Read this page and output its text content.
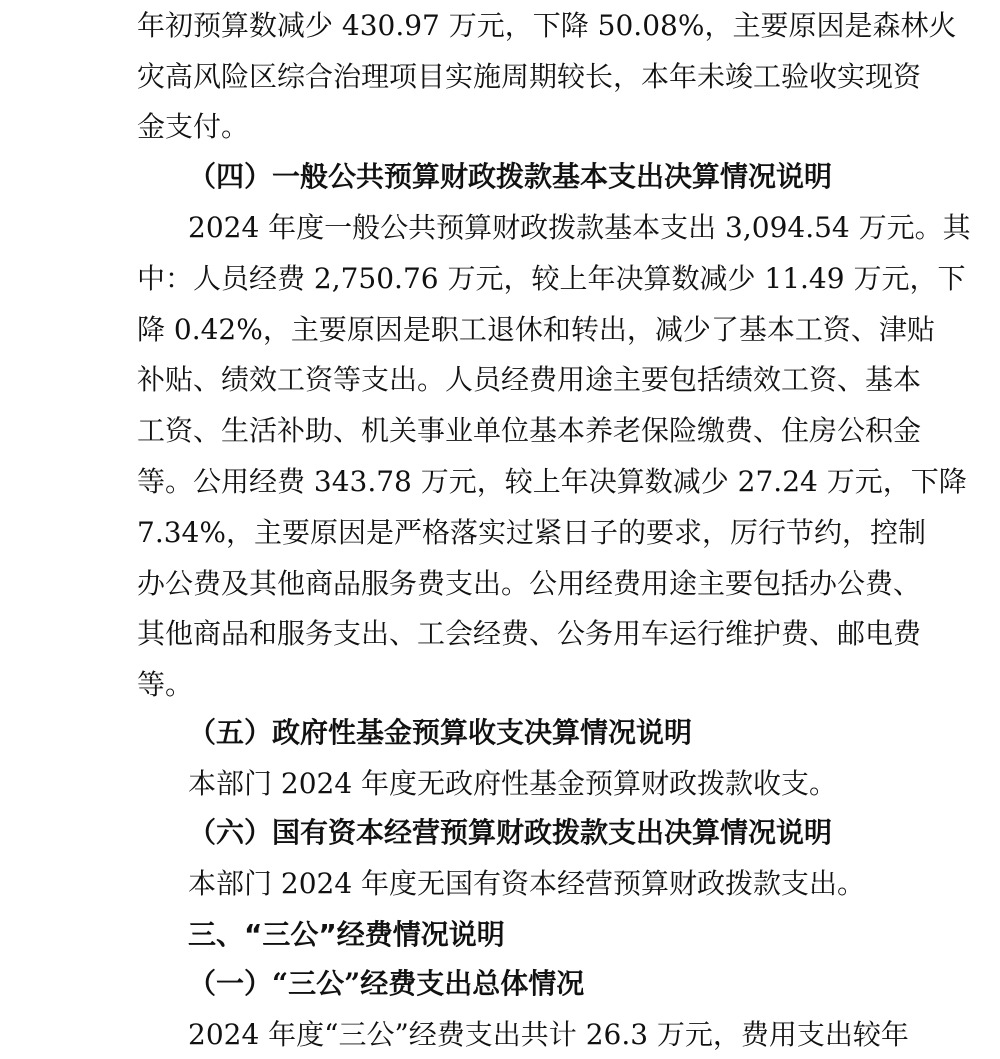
年初预算数减少 430.97 万元，下降 50.08%，主要原因是森林火
灾高风险区综合治理项目实施周期较长，本年未竣工验收实现资
金支付。
（四）一般公共预算财政拨款基本支出决算情况说明
2024 年度一般公共预算财政拨款基本支出 3,094.54 万元。其
中：人员经费 2,750.76 万元，较上年决算数减少 11.49 万元，下
降 0.42%，主要原因是职工退休和转出，减少了基本工资、津贴
补贴、绩效工资等支出。人员经费用途主要包括绩效工资、基本
工资、生活补助、机关事业单位基本养老保险缴费、住房公积金
等。公用经费 343.78 万元，较上年决算数减少 27.24 万元，下降
7.34%，主要原因是严格落实过紧日子的要求，厉行节约，控制
办公费及其他商品服务费支出。公用经费用途主要包括办公费、
其他商品和服务支出、工会经费、公务用车运行维护费、邮电费
等。
（五）政府性基金预算收支决算情况说明
本部门 2024 年度无政府性基金预算财政拨款收支。
（六）国有资本经营预算财政拨款支出决算情况说明
本部门 2024 年度无国有资本经营预算财政拨款支出。
三、“三公”经费情况说明
（一）“三公”经费支出总体情况
2024 年度“三公”经费支出共计 26.3 万元，费用支出较年
